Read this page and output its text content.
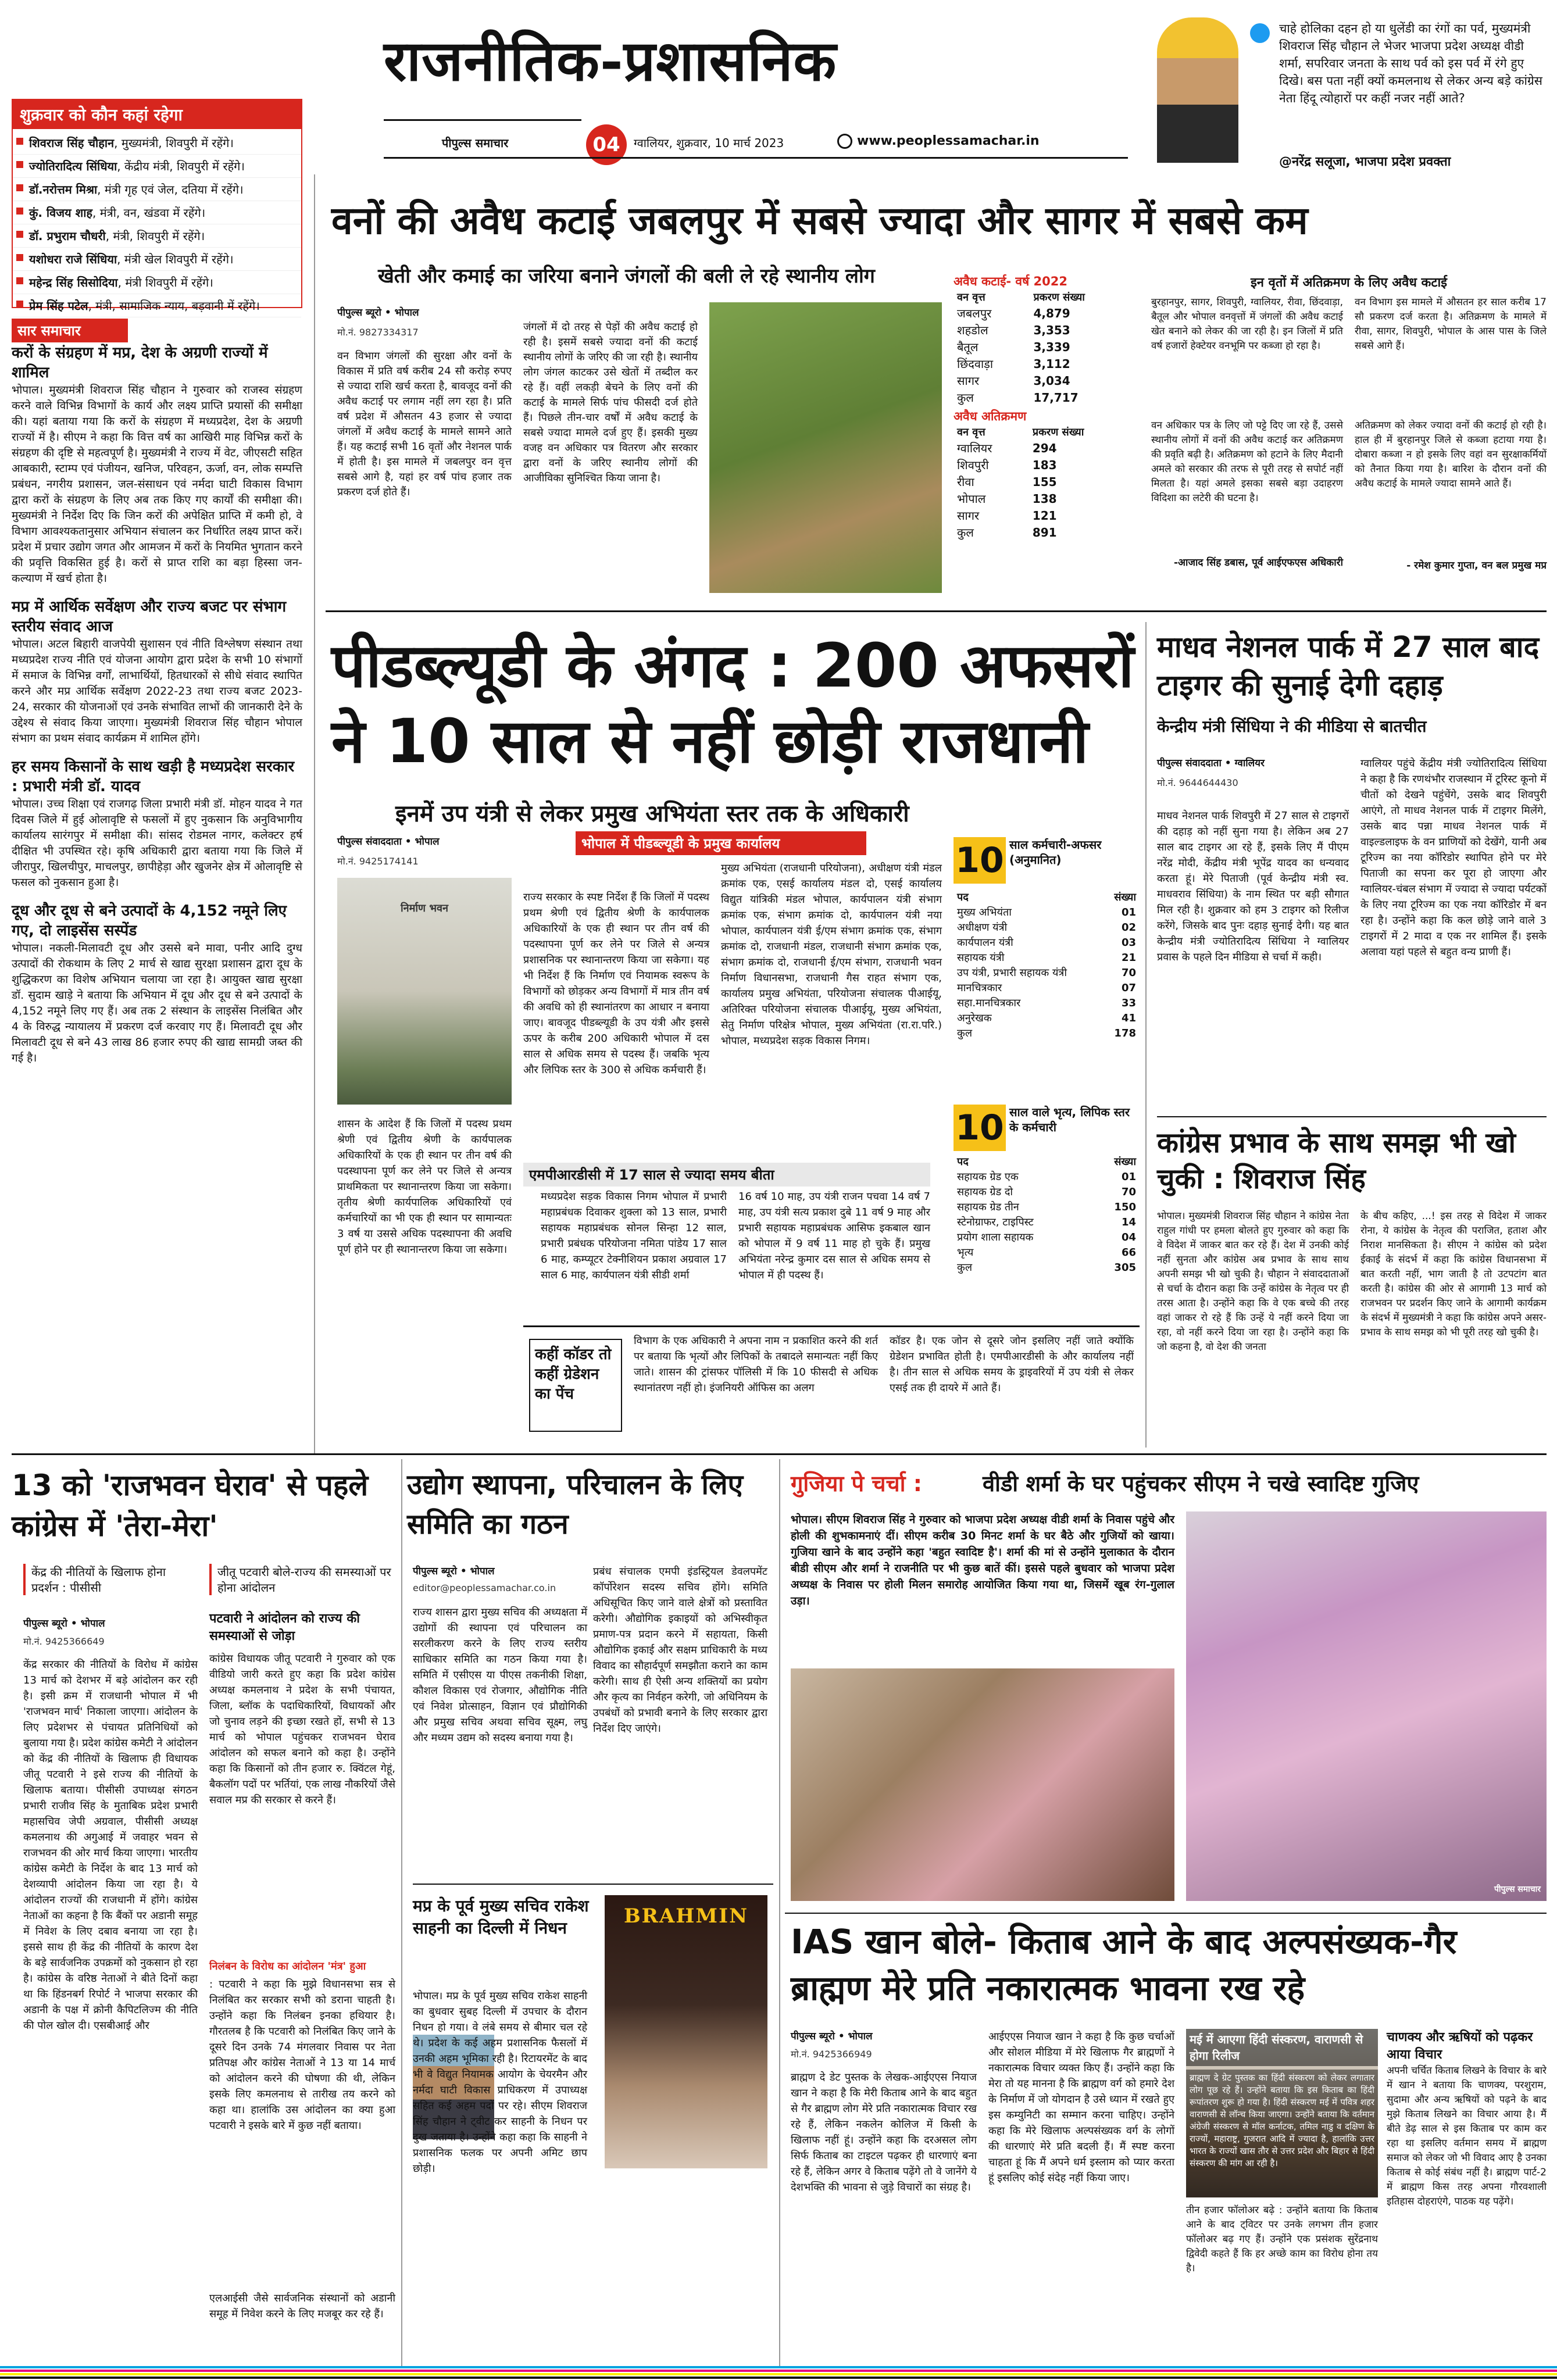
राजनीतिक-प्रशासनिक
पीपुल्स समाचार	04	ग्वालियर, शुक्रवार, 10 मार्च 2023	www.peoplessamachar.in
चाहे होलिका दहन हो या धुलेंडी का रंगों का पर्व, मुख्यमंत्री शिवराज सिंह चौहान ले भेजर भाजपा प्रदेश अध्यक्ष वीडी शर्मा, सपरिवार जनता के साथ पर्व को इस पर्व में रंगे हुए दिखे। बस पता नहीं क्यों कमलनाथ से लेकर अन्य बड़े कांग्रेस नेता हिंदू त्योहारों पर कहीं नजर नहीं आते?
@नरेंद्र सलूजा, भाजपा प्रदेश प्रवक्ता
शुक्रवार को कौन कहां रहेगा
शिवराज सिंह चौहान, मुख्यमंत्री, शिवपुरी में रहेंगे।
ज्योतिरादित्य सिंधिया, केंद्रीय मंत्री, शिवपुरी में रहेंगे।
डॉ.नरोत्तम मिश्रा, मंत्री गृह एवं जेल, दतिया में रहेंगे।
कुं. विजय शाह, मंत्री, वन, खंडवा में रहेंगे।
डॉ. प्रभुराम चौधरी, मंत्री, शिवपुरी में रहेंगे।
यशोधरा राजे सिंधिया, मंत्री खेल शिवपुरी में रहेंगे।
महेन्द्र सिंह सिसोदिया, मंत्री शिवपुरी में रहेंगे।
प्रेम सिंह पटेल, मंत्री, सामाजिक न्याय, बड़वानी में रहेंगे।
सार समाचार
करों के संग्रहण में मप्र, देश के अग्रणी राज्यों में शामिल
भोपाल। मुख्यमंत्री शिवराज सिंह चौहान ने गुरुवार को राजस्व संग्रहण करने वाले विभिन्न विभागों के कार्य और लक्ष्य प्राप्ति प्रयासों की समीक्षा की। यहां बताया गया कि करों के संग्रहण में मध्यप्रदेश, देश के अग्रणी राज्यों में है। सीएम ने कहा कि वित्त वर्ष का आखिरी माह विभिन्न करों के संग्रहण की दृष्टि से महत्वपूर्ण है। मुख्यमंत्री ने राज्य में वेट, जीएसटी सहित आबकारी, स्टाम्प एवं पंजीयन, खनिज, परिवहन, ऊर्जा, वन, लोक सम्पत्ति प्रबंधन, नगरीय प्रशासन, जल-संसाधन एवं नर्मदा घाटी विकास विभाग द्वारा करों के संग्रहण के लिए अब तक किए गए कार्यों की समीक्षा की। मुख्यमंत्री ने निर्देश दिए कि जिन करों की अपेक्षित प्राप्ति में कमी हो, वे विभाग आवश्यकतानुसार अभियान संचालन कर निर्धारित लक्ष्य प्राप्त करें। प्रदेश में प्रचार उद्योग जगत और आमजन में करों के नियमित भुगतान करने की प्रवृत्ति विकसित हुई है। करों से प्राप्त राशि का बड़ा हिस्सा जन-कल्याण में खर्च होता है।
मप्र में आर्थिक सर्वेक्षण और राज्य बजट पर संभाग स्तरीय संवाद आज
भोपाल। अटल बिहारी वाजपेयी सुशासन एवं नीति विश्लेषण संस्थान तथा मध्यप्रदेश राज्य नीति एवं योजना आयोग द्वारा प्रदेश के सभी 10 संभागों में समाज के विभिन्न वर्गों, लाभार्थियों, हितधारकों से सीधे संवाद स्थापित करने और मप्र आर्थिक सर्वेक्षण 2022-23 तथा राज्य बजट 2023-24, सरकार की योजनाओं एवं उनके संभावित लाभों की जानकारी देने के उद्देश्य से संवाद किया जाएगा। मुख्यमंत्री शिवराज सिंह चौहान भोपाल संभाग का प्रथम संवाद कार्यक्रम में शामिल होंगे।
हर समय किसानों के साथ खड़ी है मध्यप्रदेश सरकार : प्रभारी मंत्री डॉ. यादव
भोपाल। उच्च शिक्षा एवं राजगढ़ जिला प्रभारी मंत्री डॉ. मोहन यादव ने गत दिवस जिले में हुई ओलावृष्टि से फसलों में हुए नुकसान कि अनुविभागीय कार्यालय सारंगपुर में समीक्षा की। सांसद रोडमल नागर, कलेक्टर हर्ष दीक्षित भी उपस्थित रहे। कृषि अधिकारी द्वारा बताया गया कि जिले में जीरापुर, खिलचीपुर, माचलपुर, छापीहेड़ा और खुजनेर क्षेत्र में ओलावृष्टि से फसल को नुकसान हुआ है।
दूध और दूध से बने उत्पादों के 4,152 नमूने लिए गए, दो लाइसेंस सस्पेंड
भोपाल। नकली-मिलावटी दूध और उससे बने मावा, पनीर आदि दुग्ध उत्पादों की रोकथाम के लिए 2 मार्च से खाद्य सुरक्षा प्रशासन द्वारा दूध के शुद्धिकरण का विशेष अभियान चलाया जा रहा है। आयुक्त खाद्य सुरक्षा डॉ. सुदाम खाड़े ने बताया कि अभियान में दूध और दूध से बने उत्पादों के 4,152 नमूने लिए गए हैं। अब तक 2 संस्थान के लाइसेंस निलंबित और 4 के विरुद्ध न्यायालय में प्रकरण दर्ज करवाए गए हैं। मिलावटी दूध और मिलावटी दूध से बने 43 लाख 86 हजार रुपए की खाद्य सामग्री जब्त की गई है।
वनों की अवैध कटाई जबलपुर में सबसे ज्यादा और सागर में सबसे कम
खेती और कमाई का जरिया बनाने जंगलों की बली ले रहे स्थानीय लोग
पीपुल्स ब्यूरो • भोपाल
मो.नं. 9827334317
वन विभाग जंगलों की सुरक्षा और वनों के विकास में प्रति वर्ष करीब 24 सौ करोड़ रुपए से ज्यादा राशि खर्च करता है, बावजूद वनों की अवैध कटाई पर लगाम नहीं लग रहा है। प्रति वर्ष प्रदेश में औसतन 43 हजार से ज्यादा जंगलों में अवैध कटाई के मामले सामने आते हैं। यह कटाई सभी 16 वृतों और नेशनल पार्क में होती है। इस मामले में जबलपुर वन वृत्त सबसे आगे है, यहां हर वर्ष पांच हजार तक प्रकरण दर्ज होते हैं।
जंगलों में दो तरह से पेड़ों की अवैध कटाई हो रही है। इसमें सबसे ज्यादा वनों की कटाई स्थानीय लोगों के जरिए की जा रही है। स्थानीय लोग जंगल काटकर उसे खेतों में तब्दील कर रहे हैं। वहीं लकड़ी बेचने के लिए वनों की कटाई के मामले सिर्फ पांच फीसदी दर्ज होते हैं। पिछले तीन-चार वर्षों में अवैध कटाई के सबसे ज्यादा मामले दर्ज हुए हैं। इसकी मुख्य वजह वन अधिकार पत्र वितरण और सरकार द्वारा वनों के जरिए स्थानीय लोगों की आजीविका सुनिश्चित किया जाना है।
अवैध कटाई- वर्ष 2022
वन वृत्त	प्रकरण संख्या
जबलपुर	4,879
शहडोल	3,353
बैतूल	3,339
छिंदवाड़ा	3,112
सागर	3,034
कुल	17,717
अवैध अतिक्रमण
वन वृत्त	प्रकरण संख्या
ग्वालियर	294
शिवपुरी	183
रीवा	155
भोपाल	138
सागर	121
कुल	891
इन वृतों में अतिक्रमण के लिए अवैध कटाई
बुरहानपुर, सागर, शिवपुरी, ग्वालियर, रीवा, छिंदवाड़ा, बैतूल और भोपाल वनवृत्तों में जंगलों की अवैध कटाई खेत बनाने को लेकर की जा रही है। इन जिलों में प्रति वर्ष हजारों हेक्टेयर वनभूमि पर कब्जा हो रहा है।
वन विभाग इस मामले में औसतन हर साल करीब 17 सौ प्रकरण दर्ज करता है। अतिक्रमण के मामले में रीवा, सागर, शिवपुरी, भोपाल के आस पास के जिले सबसे आगे हैं।
वन अधिकार पत्र के लिए जो पट्टे दिए जा रहे हैं, उससे स्थानीय लोगों में वनों की अवैध कटाई कर अतिक्रमण की प्रवृति बढ़ी है। अतिक्रमण को हटाने के लिए मैदानी अमले को सरकार की तरफ से पूरी तरह से सपोर्ट नहीं मिलता है। यहां अमले इसका सबसे बड़ा उदाहरण विदिशा का लटेरी की घटना है।
-आजाद सिंह डबास, पूर्व आईएफएस अधिकारी
अतिक्रमण को लेकर ज्यादा वनों की कटाई हो रही है। हाल ही में बुरहानपुर जिले से कब्जा हटाया गया है। दोबारा कब्जा न हो इसके लिए वहां वन सुरक्षाकर्मियों को तैनात किया गया है। बारिश के दौरान वनों की अवैध कटाई के मामले ज्यादा सामने आते हैं।
- रमेश कुमार गुप्ता, वन बल प्रमुख मप्र
पीडब्ल्यूडी के अंगद : 200 अफसरों ने 10 साल से नहीं छोड़ी राजधानी
इनमें उप यंत्री से लेकर प्रमुख अभियंता स्तर तक के अधिकारी
पीपुल्स संवाददाता • भोपाल
मो.नं. 9425174141
निर्माण भवन
राज्य सरकार के स्पष्ट निर्देश हैं कि जिलों में पदस्थ प्रथम श्रेणी एवं द्वितीय श्रेणी के कार्यपालक अधिकारियों के एक ही स्थान पर तीन वर्ष की पदस्थापना पूर्ण कर लेने पर जिले से अन्यत्र प्रशासनिक पर स्थानान्तरण किया जा सकेगा। यह भी निर्देश हैं कि निर्माण एवं नियामक स्वरूप के विभागों को छोड़कर अन्य विभागों में मात्र तीन वर्ष की अवधि को ही स्थानांतरण का आधार न बनाया जाए। बावजूद पीडब्ल्यूडी के उप यंत्री और इससे ऊपर के करीब 200 अधिकारी भोपाल में दस साल से अधिक समय से पदस्थ हैं। जबकि भृत्य और लिपिक स्तर के 300 से अधिक कर्मचारी हैं।
शासन के आदेश हैं कि जिलों में पदस्थ प्रथम श्रेणी एवं द्वितीय श्रेणी के कार्यपालक अधिकारियों के एक ही स्थान पर तीन वर्ष की पदस्थापना पूर्ण कर लेने पर जिले से अन्यत्र प्राथमिकता पर स्थानान्तरण किया जा सकेगा। तृतीय श्रेणी कार्यपालिक अधिकारियों एवं कर्मचारियों का भी एक ही स्थान पर सामान्यतः 3 वर्ष या उससे अधिक पदस्थापना की अवधि पूर्ण होने पर ही स्थानान्तरण किया जा सकेगा।
भोपाल में पीडब्ल्यूडी के प्रमुख कार्यालय
मुख्य अभियंता (राजधानी परियोजना), अधीक्षण यंत्री मंडल क्रमांक एक, एसई कार्यालय मंडल दो, एसई कार्यालय विद्युत यांत्रिकी मंडल भोपाल, कार्यपालन यंत्री संभाग क्रमांक एक, संभाग क्रमांक दो, कार्यपालन यंत्री नया भोपाल, कार्यपालन यंत्री ई/एम संभाग क्रमांक एक, संभाग क्रमांक दो, राजधानी मंडल, राजधानी संभाग क्रमांक एक, संभाग क्रमांक दो, राजधानी ई/एम संभाग, राजधानी भवन निर्माण विधानसभा, राजधानी गैस राहत संभाग एक, कार्यालय प्रमुख अभियंता, परियोजना संचालक पीआईयू, अतिरिक्त परियोजना संचालक पीआईयू, मुख्य अभियंता, सेतु निर्माण परिक्षेत्र भोपाल, मुख्य अभियंता (रा.रा.परि.) भोपाल, मध्यप्रदेश सड़क विकास निगम।
10 साल कर्मचारी-अफसर (अनुमानित)
पद	संख्या
मुख्य अभियंता	01
अधीक्षण यंत्री	02
कार्यपालन यंत्री	03
सहायक यंत्री	21
उप यंत्री, प्रभारी सहायक यंत्री	70
मानचित्रकार	07
सहा.मानचित्रकार	33
अनुरेखक	41
कुल	178
एमपीआरडीसी में 17 साल से ज्यादा समय बीता
मध्यप्रदेश सड़क विकास निगम भोपाल में प्रभारी महाप्रबंधक दिवाकर शुक्ला को 13 साल, प्रभारी सहायक महाप्रबंधक सोनल सिन्हा 12 साल, प्रभारी प्रबंधक परियोजना नमिता पांडेय 17 साल 6 माह, कम्प्यूटर टेक्नीशियन प्रकाश अग्रवाल 17 साल 6 माह, कार्यपालन यंत्री सीडी शर्मा
16 वर्ष 10 माह, उप यंत्री राजन पचवा 14 वर्ष 7 माह, उप यंत्री सत्य प्रकाश दुबे 11 वर्ष 9 माह और प्रभारी सहायक महाप्रबंधक आसिफ इकबाल खान को भोपाल में 9 वर्ष 11 माह हो चुके हैं। प्रमुख अभियंता नरेन्द्र कुमार दस साल से अधिक समय से भोपाल में ही पदस्थ हैं।
10 साल वाले भृत्य, लिपिक स्तर के कर्मचारी
पद	संख्या
सहायक ग्रेड एक	01
सहायक ग्रेड दो	70
सहायक ग्रेड तीन	150
स्टेनोग्राफर, टाइपिस्ट	14
प्रयोग शाला सहायक	04
भृत्य	66
कुल	305
कहीं कॉडर तो कहीं ग्रेडेशन का पेंच
विभाग के एक अधिकारी ने अपना नाम न प्रकाशित करने की शर्त पर बताया कि भृत्यों और लिपिकों के तबादले समान्यतः नहीं किए जाते। शासन की ट्रांसफर पॉलिसी में कि 10 फीसदी से अधिक स्थानांतरण नहीं हो। इंजनियरी ऑफिस का अलग
कॉडर है। एक जोन से दूसरे जोन इसलिए नहीं जाते क्योंकि ग्रेडेशन प्रभावित होती है। एमपीआरडीसी के और कार्यालय नहीं है। तीन साल से अधिक समय के ड्राइवरियों में उप यंत्री से लेकर एसई तक ही दायरे में आते हैं।
माधव नेशनल पार्क में 27 साल बाद टाइगर की सुनाई देगी दहाड़
केन्द्रीय मंत्री सिंधिया ने की मीडिया से बातचीत
पीपुल्स संवाददाता • ग्वालियर
मो.नं. 9644644430
माधव नेशनल पार्क शिवपुरी में 27 साल से टाइगरों की दहाड़ को नहीं सुना गया है। लेकिन अब 27 साल बाद टाइगर आ रहे हैं, इसके लिए मैं पीएम नरेंद्र मोदी, केंद्रीय मंत्री भूपेंद्र यादव का धन्यवाद करता हूं। मेरे पिताजी (पूर्व केन्द्रीय मंत्री स्व. माधवराव सिंधिया) के नाम स्थित पर बड़ी सौगात मिल रही है। शुक्रवार को हम 3 टाइगर को रिलीज करेंगे, जिसके बाद पुनः दहाड़ सुनाई देगी। यह बात केन्द्रीय मंत्री ज्योतिरादित्य सिंधिया ने ग्वालियर प्रवास के पहले दिन मीडिया से चर्चा में कही।
ग्वालियर पहुंचे केंद्रीय मंत्री ज्योतिरादित्य सिंधिया ने कहा है कि रणथंभौर राजस्थान में टूरिस्ट कूनो में चीतों को देखने पहुंचेंगे, उसके बाद शिवपुरी आएंगे, तो माधव नेशनल पार्क में टाइगर मिलेंगे, उसके बाद पन्ना माधव नेशनल पार्क में वाइल्डलाइफ के वन प्राणियों को देखेंगे, यानी अब टूरिज्म का नया कॉरिडोर स्थापित होने पर मेरे पिताजी का सपना कर पूरा हो जाएगा और ग्वालियर-चंबल संभाग में ज्यादा से ज्यादा पर्यटकों के लिए नया टूरिज्म का एक नया कॉरिडोर में बन रहा है। उन्होंने कहा कि कल छोड़े जाने वाले 3 टाइगरों में 2 मादा व एक नर शामिल हैं। इसके अलावा यहां पहले से बहुत वन्य प्राणी हैं।
कांग्रेस प्रभाव के साथ समझ भी खो चुकी : शिवराज सिंह
भोपाल। मुख्यमंत्री शिवराज सिंह चौहान ने कांग्रेस नेता राहुल गांधी पर हमला बोलते हुए गुरुवार को कहा कि वे विदेश में जाकर बात कर रहे हैं। देश में उनकी कोई नहीं सुनता और कांग्रेस अब प्रभाव के साथ साथ अपनी समझ भी खो चुकी है। चौहान ने संवाददाताओं से चर्चा के दौरान कहा कि उन्हें कांग्रेस के नेतृत्व पर ही तरस आता है। उन्होंने कहा कि वे एक बच्चे की तरह वहां जाकर रो रहे हैं कि उन्हें ये नहीं करने दिया जा रहा, वो नहीं करने दिया जा रहा है। उन्होंने कहा कि जो कहना है, वो देश की जनता
के बीच कहिए, ...! इस तरह से विदेश में जाकर रोना, ये कांग्रेस के नेतृत्व की पराजित, हताश और निराश मानसिकता है। सीएम ने कांग्रेस को प्रदेश ईकाई के संदर्भ में कहा कि कांग्रेस विधानसभा में बात करती नहीं, भाग जाती है तो उटपटांग बात करती है। कांग्रेस की ओर से आगामी 13 मार्च को राजभवन पर प्रदर्शन किए जाने के आगामी कार्यक्रम के संदर्भ में मुख्यमंत्री ने कहा कि कांग्रेस अपने असर-प्रभाव के साथ समझ को भी पूरी तरह खो चुकी है।
13 को 'राजभवन घेराव' से पहले कांग्रेस में 'तेरा-मेरा'
केंद्र की नीतियों के खिलाफ होना प्रदर्शन : पीसीसी
जीतू पटवारी बोले-राज्य की समस्याओं पर होना आंदोलन
पीपुल्स ब्यूरो • भोपाल
मो.नं. 9425366649
केंद्र सरकार की नीतियों के विरोध में कांग्रेस 13 मार्च को देशभर में बड़े आंदोलन कर रही है। इसी क्रम में राजधानी भोपाल में भी 'राजभवन मार्च' निकाला जाएगा। आंदोलन के लिए प्रदेशभर से पंचायत प्रतिनिधियों को बुलाया गया है। प्रदेश कांग्रेस कमेटी ने आंदोलन को केंद्र की नीतियों के खिलाफ ही विधायक जीतू पटवारी ने इसे राज्य की नीतियों के खिलाफ बताया। पीसीसी उपाध्यक्ष संगठन प्रभारी राजीव सिंह के मुताबिक प्रदेश प्रभारी महासचिव जेपी अग्रवाल, पीसीसी अध्यक्ष कमलनाथ की अगुआई में जवाहर भवन से राजभवन की ओर मार्च किया जाएगा। भारतीय कांग्रेस कमेटी के निर्देश के बाद 13 मार्च को देशव्यापी आंदोलन किया जा रहा है। ये आंदोलन राज्यों की राजधानी में होंगे। कांग्रेस नेताओं का कहना है कि बैंकों पर अडानी समूह में निवेश के लिए दबाव बनाया जा रहा है। इससे साथ ही केंद्र की नीतियों के कारण देश के बड़े सार्वजनिक उपक्रमों को नुकसान हो रहा है। कांग्रेस के वरिष्ठ नेताओं ने बीते दिनों कहा था कि हिंडनबर्ग रिपोर्ट ने भाजपा सरकार की अडानी के पक्ष में क्रोनी कैपिटलिज्म की नीति की पोल खोल दी। एसबीआई और
पटवारी ने आंदोलन को राज्य की समस्याओं से जोड़ा
कांग्रेस विधायक जीतू पटवारी ने गुरुवार को एक वीडियो जारी करते हुए कहा कि प्रदेश कांग्रेस अध्यक्ष कमलनाथ ने प्रदेश के सभी पंचायत, जिला, ब्लॉक के पदाधिकारियों, विधायकों और जो चुनाव लड़ने की इच्छा रखते हों, सभी से 13 मार्च को भोपाल पहुंचकर राजभवन घेराव आंदोलन को सफल बनाने को कहा है। उन्होंने कहा कि किसानों को तीन हजार रु. क्विंटल गेहूं, बैकलॉग पदों पर भर्तियां, एक लाख नौकरियों जैसे सवाल मप्र की सरकार से करने हैं।
निलंबन के विरोध का आंदोलन 'मंत्र' हुआ
: पटवारी ने कहा कि मुझे विधानसभा सत्र से निलंबित कर सरकार सभी को डराना चाहती है। उन्होंने कहा कि निलंबन इनका हथियार है। गौरतलब है कि पटवारी को निलंबित किए जाने के दूसरे दिन उनके 74 मंगलवार निवास पर नेता प्रतिपक्ष और कांग्रेस नेताओं ने 13 या 14 मार्च को आंदोलन करने की घोषणा की थी, लेकिन इसके लिए कमलनाथ से तारीख तय करने को कहा था। हालांकि उस आंदोलन का क्या हुआ पटवारी ने इसके बारे में कुछ नहीं बताया।
एलआईसी जैसे सार्वजनिक संस्थानों को अडानी समूह में निवेश करने के लिए मजबूर कर रहे हैं।
उद्योग स्थापना, परिचालन के लिए समिति का गठन
पीपुल्स ब्यूरो • भोपाल
editor@peoplessamachar.co.in
राज्य शासन द्वारा मुख्य सचिव की अध्यक्षता में उद्योगों की स्थापना एवं परिचालन का सरलीकरण करने के लिए राज्य स्तरीय साधिकार समिति का गठन किया गया है। समिति में एसीएस या पीएस तकनीकी शिक्षा, कौशल विकास एवं रोजगार, औद्योगिक नीति एवं निवेश प्रोत्साहन, विज्ञान एवं प्रौद्योगिकी और प्रमुख सचिव अथवा सचिव सूक्ष्म, लघु और मध्यम उद्यम को सदस्य बनाया गया है।
प्रबंध संचालक एमपी इंडस्ट्रियल डेवलपमेंट कॉर्पोरेशन सदस्य सचिव होंगे। समिति अधिसूचित किए जाने वाले क्षेत्रों को प्रस्तावित करेगी। औद्योगिक इकाइयों को अभिस्वीकृत प्रमाण-पत्र प्रदान करने में सहायता, किसी औद्योगिक इकाई और सक्षम प्राधिकारी के मध्य विवाद का सौहार्दपूर्ण समझौता कराने का काम करेगी। साथ ही ऐसी अन्य शक्तियों का प्रयोग और कृत्य का निर्वहन करेगी, जो अधिनियम के उपबंधों को प्रभावी बनाने के लिए सरकार द्वारा निर्देश दिए जाएंगे।
मप्र के पूर्व मुख्य सचिव राकेश साहनी का दिल्ली में निधन
भोपाल। मप्र के पूर्व मुख्य सचिव राकेश साहनी का बुधवार सुबह दिल्ली में उपचार के दौरान निधन हो गया। वे लंबे समय से बीमार चल रहे थे। प्रदेश के कई अहम प्रशासनिक फैसलों में उनकी अहम भूमिका रही है। रिटायरमेंट के बाद भी वे विद्युत नियामक आयोग के चेयरमैन और नर्मदा घाटी विकास प्राधिकरण में उपाध्यक्ष सहित कई अहम पदों पर रहे। सीएम शिवराज सिंह चौहान ने ट्वीट कर साहनी के निधन पर दुख जताया है। उन्होंने कहा कहा कि साहनी ने प्रशासनिक फलक पर अपनी अमिट छाप छोड़ी।
BRAHMIN
गुजिया पे चर्चा :	वीडी शर्मा के घर पहुंचकर सीएम ने चखे स्वादिष्ट गुजिए
भोपाल। सीएम शिवराज सिंह ने गुरुवार को भाजपा प्रदेश अध्यक्ष वीडी शर्मा के निवास पहुंचे और होली की शुभकामनाएं दीं। सीएम करीब 30 मिनट शर्मा के घर बैठे और गुजियों को खाया। गुजिया खाने के बाद उन्होंने कहा 'बहुत स्वादिष्ट है'। शर्मा की मां से उन्होंने मुलाकात के दौरान बीडी सीएम और शर्मा ने राजनीति पर भी कुछ बातें कीं। इससे पहले बुधवार को भाजपा प्रदेश अध्यक्ष के निवास पर होली मिलन समारोह आयोजित किया गया था, जिसमें खूब रंग-गुलाल उड़ा।
पीपुल्स समाचार
IAS खान बोले- किताब आने के बाद अल्पसंख्यक-गैर ब्राह्मण मेरे प्रति नकारात्मक भावना रख रहे
पीपुल्स ब्यूरो • भोपाल
मो.नं. 9425366949
ब्राह्मण दे डेट पुस्तक के लेखक-आईएएस नियाज खान ने कहा है कि मेरी किताब आने के बाद बहुत से गैर ब्राह्मण लोग मेरे प्रति नकारात्मक विचार रख रहे हैं, लेकिन नकलेन कोलिज में किसी के खिलाफ नहीं हूं। उन्होंने कहा कि दरअसल लोग सिर्फ किताब का टाइटल पढ़कर ही धारणाएं बना रहे हैं, लेकिन अगर वे किताब पढ़ेंगे तो वे जानेंगे ये देशभक्ति की भावना से जुड़े विचारों का संग्रह है।
आईएएस नियाज खान ने कहा है कि कुछ चर्चाओं और सोशल मीडिया में मेरे खिलाफ गैर ब्राह्मणों ने नकारात्मक विचार व्यक्त किए हैं। उन्होंने कहा कि मेरा तो यह मानना है कि ब्राह्मण वर्ग को हमारे देश के निर्माण में जो योगदान है उसे ध्यान में रखते हुए इस कम्युनिटी का सम्मान करना चाहिए। उन्होंने कहा कि मेरे खिलाफ अल्पसंख्यक वर्ग के लोगों की धारणाएं मेरे प्रति बदली हैं। मैं स्पष्ट करना चाहता हूं कि मैं अपने धर्म इस्लाम को प्यार करता हूं इसलिए कोई संदेह नहीं किया जाए।
तीन हजार फॉलोअर बढ़े : उन्होंने बताया कि किताब आने के बाद ट्विटर पर उनके लगभग तीन हजार फॉलोअर बढ़ गए हैं। उन्होंने एक प्रसंशक सुरेंद्रनाथ द्विवेदी कहते हैं कि हर अच्छे काम का विरोध होना तय है।
मई में आएगा हिंदी संस्करण, वाराणसी से होगा रिलीज
चाणक्य और ऋषियों को पढ़कर आया विचार
अपनी चर्चित किताब लिखने के विचार के बारे में खान ने बताया कि चाणक्य, परशुराम, सुदामा और अन्य ऋषियों को पढ़ने के बाद मुझे किताब लिखने का विचार आया है। मैं बीते डेढ़ साल से इस किताब पर काम कर रहा था इसलिए वर्तमान समय में ब्राह्मण समाज को लेकर जो भी विवाद आए है उनका किताब से कोई संबंध नहीं है। ब्राह्मण पार्ट-2 में ब्राह्मण किस तरह अपना गौरवशाली इतिहास दोहराएंगे, पाठक यह पढ़ेंगे।
ब्राह्मण दे ग्रेट पुस्तक का हिंदी संस्करण को लेकर लगातार लोग पूछ रहे हैं। उन्होंने बताया कि इस किताब का हिंदी रूपांतरण शुरू हो गया है। हिंदी संस्करण मई में पवित्र शहर वाराणसी से लॉन्च किया जाएगा। उन्होंने बताया कि वर्तमान अंग्रेजी संस्करण से मॉल कर्नाटक, तमिल नाडु व दक्षिण के राज्यों, महाराष्ट्र, गुजरात आदि में ज्यादा है, हालांकि उत्तर भारत के राज्यों खास तौर से उत्तर प्रदेश और बिहार से हिंदी संस्करण की मांग आ रही है।
